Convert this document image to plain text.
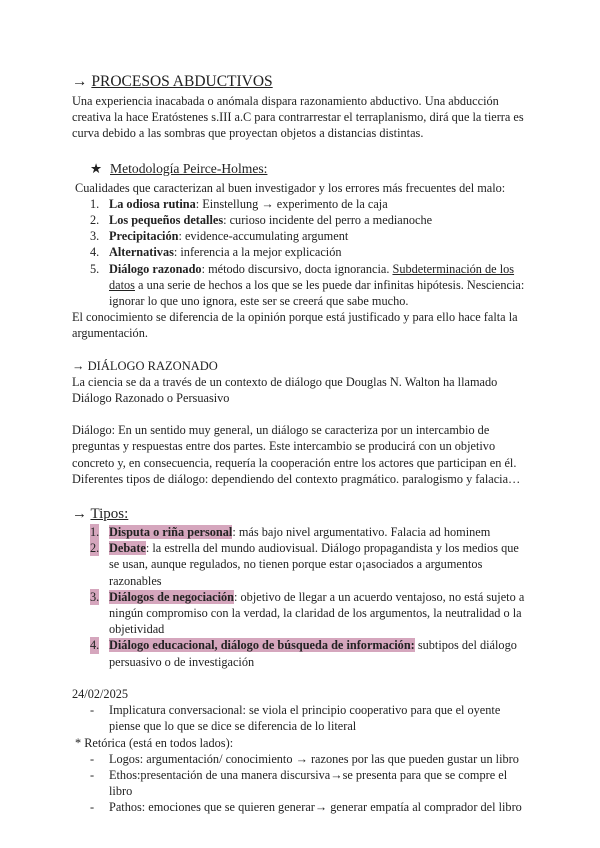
→ PROCESOS ABDUCTIVOS

Una experiencia inacabada o anómala dispara razonamiento abductivo. Una abducción creativa la hace Eratóstenes s.III a.C para contrarrestar el terraplanismo, dirá que la tierra es curva debido a las sombras que proyectan objetos a distancias distintas.

★ Metodología Peirce-Holmes:

Cualidades que caracterizan al buen investigador y los errores más frecuentes del malo:

1. La odiosa rutina: Einstellung → experimento de la caja
2. Los pequeños detalles: curioso incidente del perro a medianoche
3. Precipitación: evidence-accumulating argument
4. Alternativas: inferencia a la mejor explicación
5. Diálogo razonado: método discursivo, docta ignorancia. Subdeterminación de los datos a una serie de hechos a los que se les puede dar infinitas hipótesis. Nesciencia: ignorar lo que uno ignora, este ser se creerá que sabe mucho.

El conocimiento se diferencia de la opinión porque está justificado y para ello hace falta la argumentación.

→ DIÁLOGO RAZONADO

La ciencia se da a través de un contexto de diálogo que Douglas N. Walton ha llamado Diálogo Razonado o Persuasivo

Diálogo: En un sentido muy general, un diálogo se caracteriza por un intercambio de preguntas y respuestas entre dos partes. Este intercambio se producirá con un objetivo concreto y, en consecuencia, requería la cooperación entre los actores que participan en él. Diferentes tipos de diálogo: dependiendo del contexto pragmático. paralogismo y falacia…

→ Tipos:
1. Disputa o riña personal: más bajo nivel argumentativo. Falacia ad hominem
2. Debate: la estrella del mundo audiovisual. Diálogo propagandista y los medios que se usan, aunque regulados, no tienen porque estar o¡asociados a argumentos razonables
3. Diálogos de negociación: objetivo de llegar a un acuerdo ventajoso, no está sujeto a ningún compromiso con la verdad, la claridad de los argumentos, la neutralidad o la objetividad
4. Diálogo educacional, diálogo de búsqueda de información: subtipos del diálogo persuasivo o de investigación

24/02/2025

- Implicatura conversacional: se viola el principio cooperativo para que el oyente piense que lo que se dice se diferencia de lo literal

* Retórica (está en todos lados):

- Logos: argumentación/ conocimiento → razones por las que pueden gustar un libro
- Ethos:presentación de una manera discursiva→se presenta para que se compre el libro
- Pathos: emociones que se quieren generar→ generar empatía al comprador del libro
